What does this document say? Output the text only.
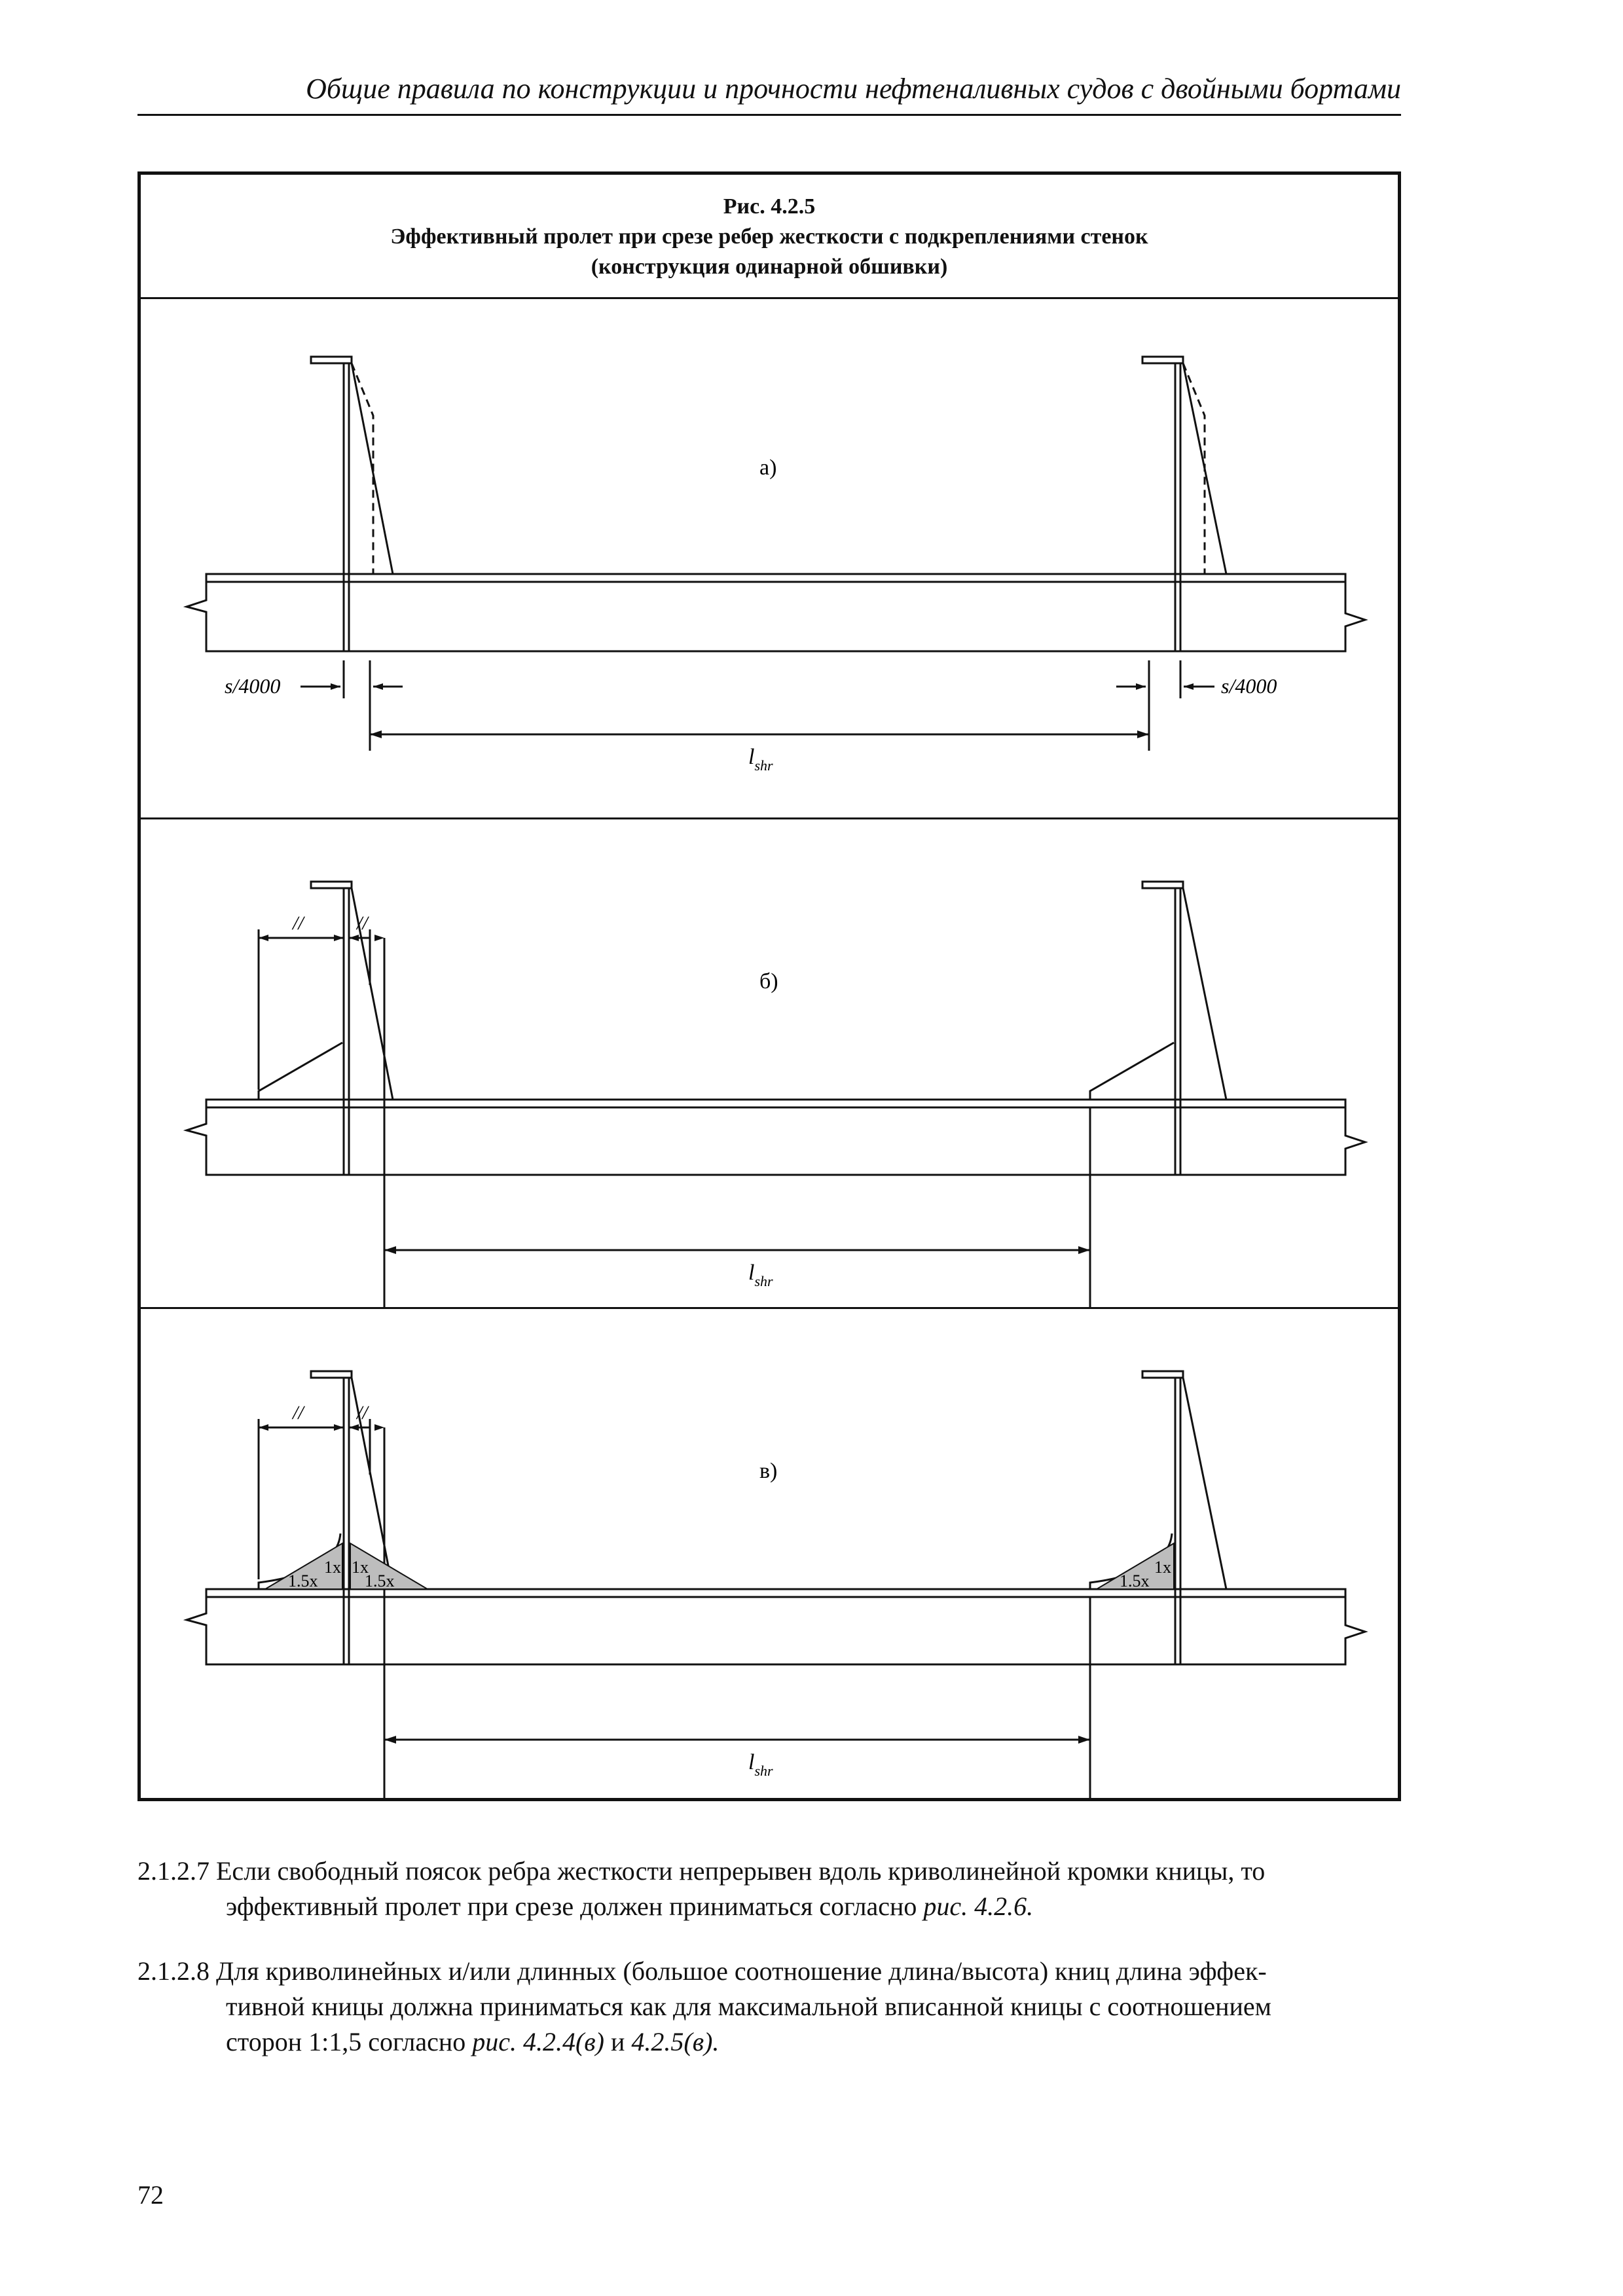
Общие правила по конструкции и прочности нефтеналивных судов с двойными бортами
Рис. 4.2.5
Эффективный пролет при срезе ребер жесткости с подкреплениями стенок
(конструкция одинарной обшивки)
а)
s/4000	s/4000
$l_{shr}$
//	//
б)
$l_{shr}$
//	//
в)
1x 1x
1.5x	1.5x
1x
1.5x
$l_{shr}$
2.1.2.7 Если свободный поясок ребра жесткости непрерывен вдоль криволинейной кромки кницы, то
эффективный пролет при срезе должен приниматься согласно рис. 4.2.6.
2.1.2.8 Для криволинейных и/или длинных (большое соотношение длина/высота) книц длина эффек-
тивной кницы должна приниматься как для максимальной вписанной кницы с соотношением
сторон 1:1,5 согласно рис. 4.2.4(в) и 4.2.5(в).
72
